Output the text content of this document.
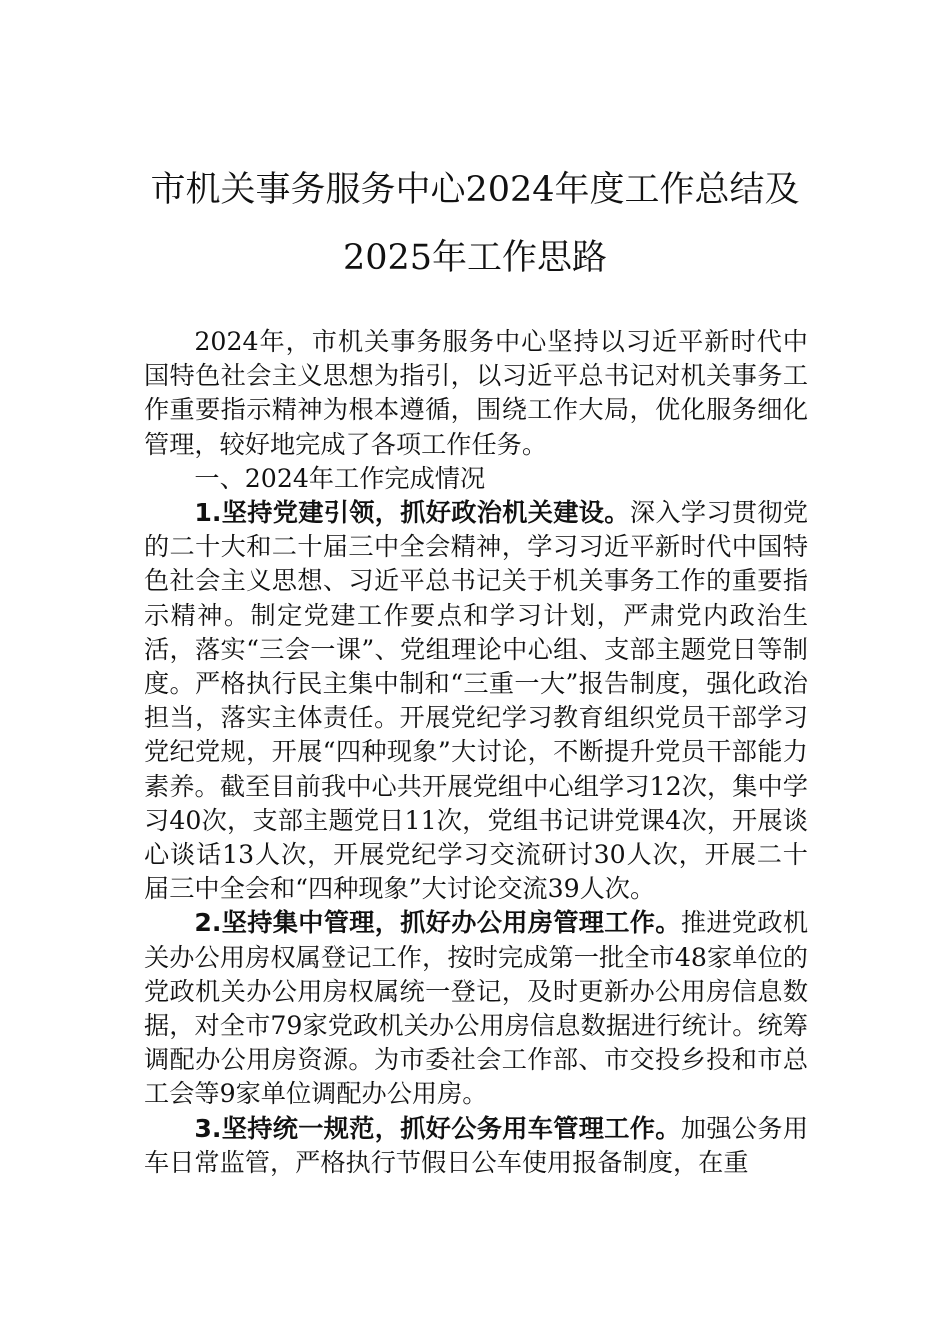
市机关事务服务中心2024年度工作总结及
2025年工作思路

2024年，市机关事务服务中心坚持以习近平新时代中国特色社会主义思想为指引，以习近平总书记对机关事务工作重要指示精神为根本遵循，围绕工作大局，优化服务细化管理，较好地完成了各项工作任务。

一、2024年工作完成情况

1.坚持党建引领，抓好政治机关建设。深入学习贯彻党的二十大和二十届三中全会精神，学习习近平新时代中国特色社会主义思想、习近平总书记关于机关事务工作的重要指示精神。制定党建工作要点和学习计划，严肃党内政治生活，落实“三会一课”、党组理论中心组、支部主题党日等制度。严格执行民主集中制和“三重一大”报告制度，强化政治担当，落实主体责任。开展党纪学习教育组织党员干部学习党纪党规，开展“四种现象”大讨论，不断提升党员干部能力素养。截至目前我中心共开展党组中心组学习12次，集中学习40次，支部主题党日11次，党组书记讲党课4次，开展谈心谈话13人次，开展党纪学习交流研讨30人次，开展二十届三中全会和“四种现象”大讨论交流39人次。

2.坚持集中管理，抓好办公用房管理工作。推进党政机关办公用房权属登记工作，按时完成第一批全市48家单位的党政机关办公用房权属统一登记，及时更新办公用房信息数据，对全市79家党政机关办公用房信息数据进行统计。统筹调配办公用房资源。为市委社会工作部、市交投乡投和市总工会等9家单位调配办公用房。

3.坚持统一规范，抓好公务用车管理工作。加强公务用车日常监管，严格执行节假日公车使用报备制度，在重
